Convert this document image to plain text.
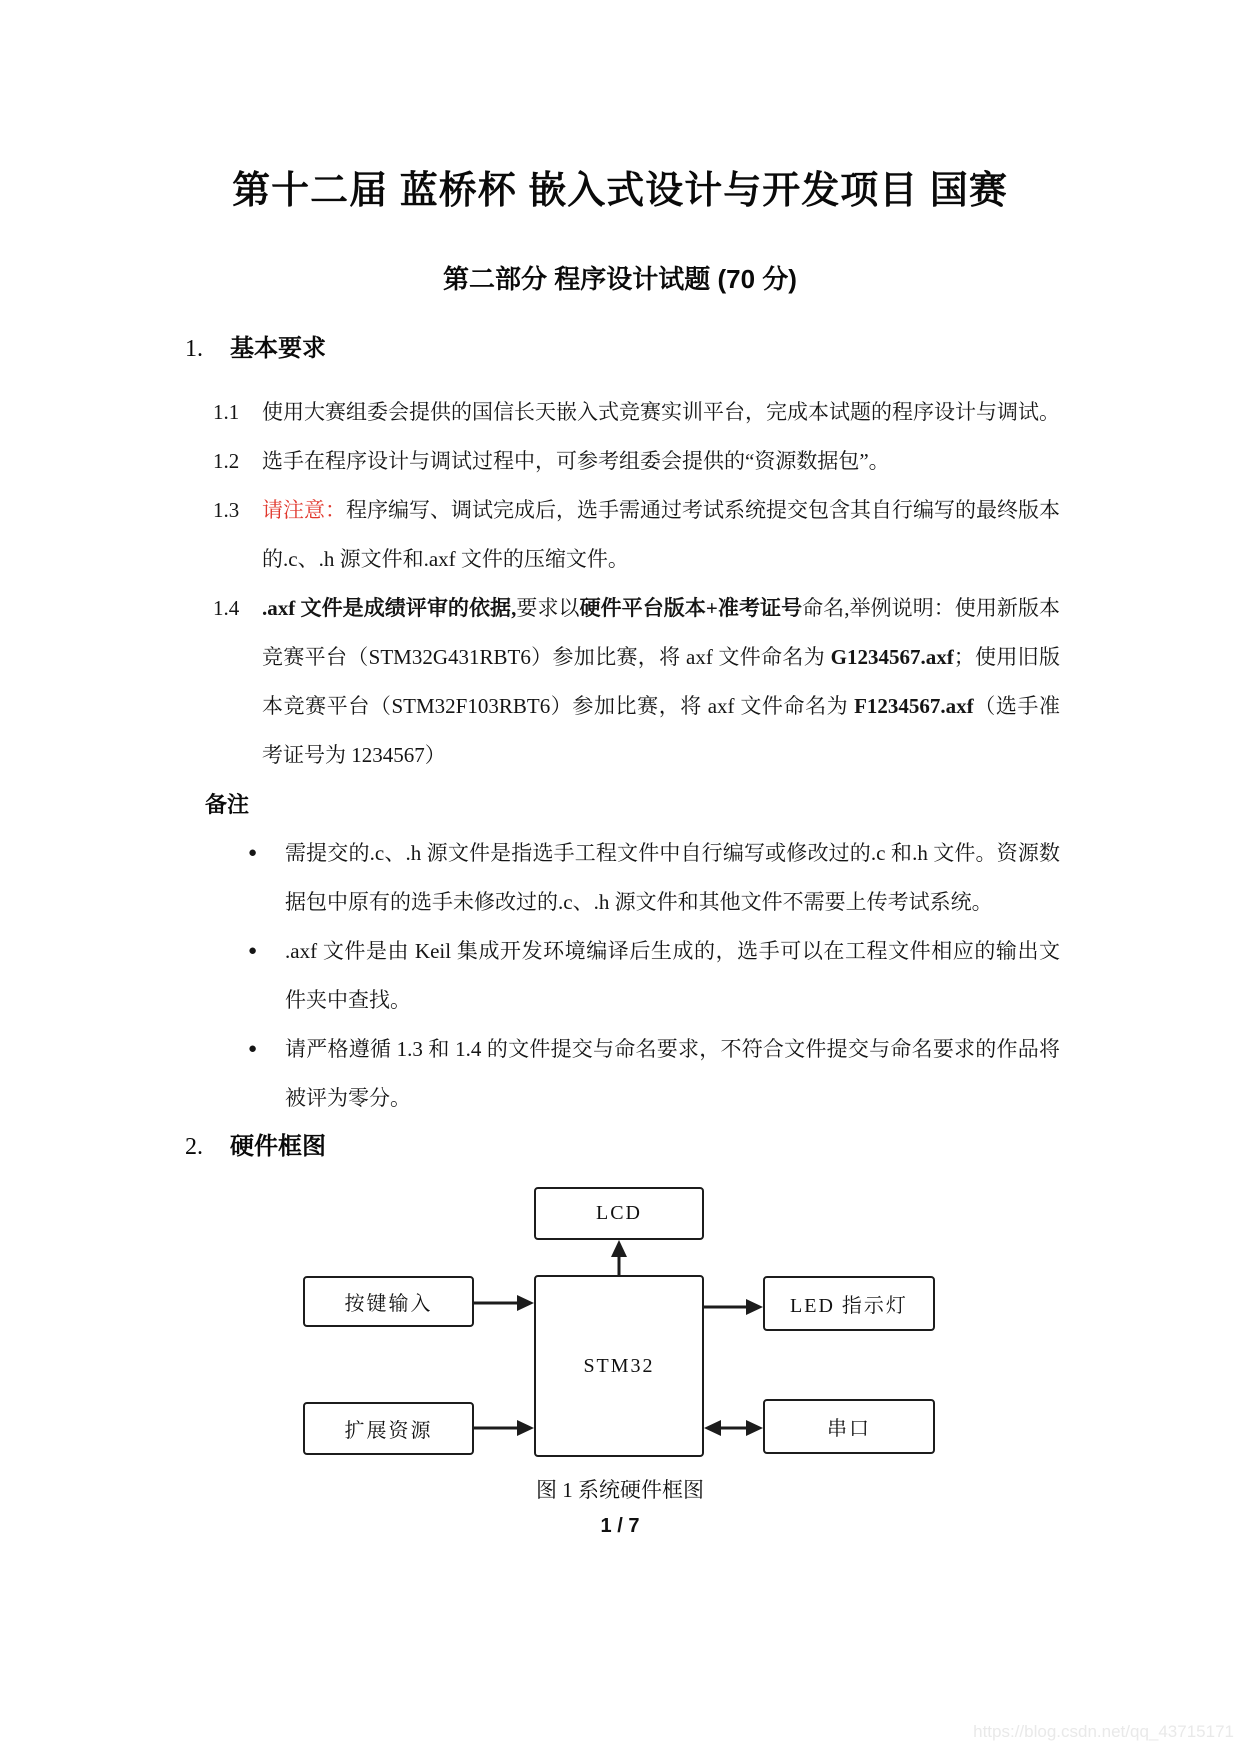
第十二届 蓝桥杯 嵌入式设计与开发项目 国赛
第二部分 程序设计试题 (70 分)
1.	基本要求
1.1	使用大赛组委会提供的国信长天嵌入式竞赛实训平台，完成本试题的程序设计与调试。

1.2	选手在程序设计与调试过程中，可参考组委会提供的“资源数据包”。

1.3	请注意：程序编写、调试完成后，选手需通过考试系统提交包含其自行编写的最终版本的.c、.h 源文件和.axf 文件的压缩文件。

1.4	.axf 文件是成绩评审的依据,要求以硬件平台版本+准考证号命名,举例说明：使用新版本竞赛平台（STM32G431RBT6）参加比赛，将 axf 文件命名为 G1234567.axf；使用旧版本竞赛平台（STM32F103RBT6）参加比赛，将 axf 文件命名为 F1234567.axf（选手准考证号为 1234567）

备注
●	需提交的.c、.h 源文件是指选手工程文件中自行编写或修改过的.c 和.h 文件。资源数据包中原有的选手未修改过的.c、.h 源文件和其他文件不需要上传考试系统。

●	.axf 文件是由 Keil 集成开发环境编译后生成的，选手可以在工程文件相应的输出文件夹中查找。

●	请严格遵循 1.3 和 1.4 的文件提交与命名要求，不符合文件提交与命名要求的作品将被评为零分。

2.	硬件框图
LCD
按键输入
STM32
LED 指示灯
扩展资源	串口
图 1 系统硬件框图
1 / 7
https://blog.csdn.net/qq_43715171
